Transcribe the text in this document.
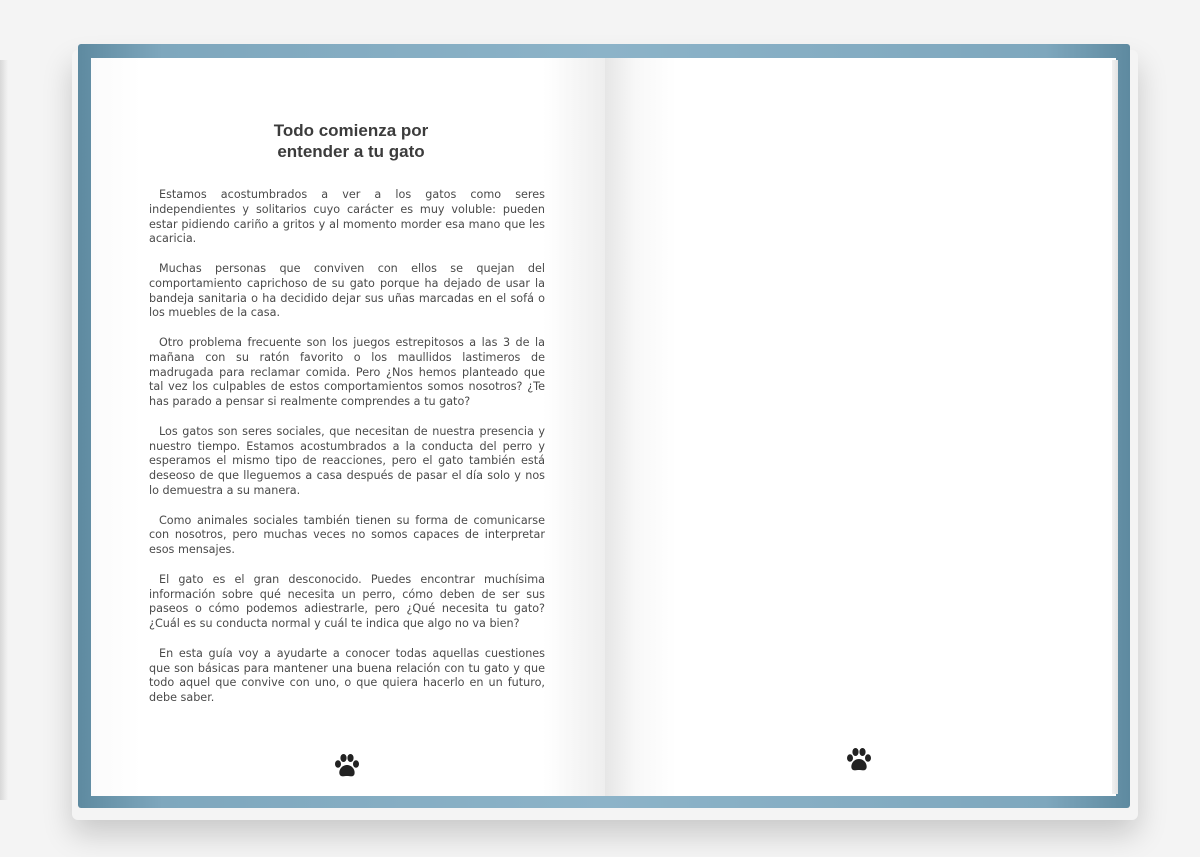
Todo comienza por
entender a tu gato

Estamos acostumbrados a ver a los gatos como seres independientes y solitarios cuyo carácter es muy voluble: pueden estar pidiendo cariño a gritos y al momento morder esa mano que les acaricia.

Muchas personas que conviven con ellos se quejan del comportamiento caprichoso de su gato porque ha dejado de usar la bandeja sanitaria o ha decidido dejar sus uñas marcadas en el sofá o los muebles de la casa.

Otro problema frecuente son los juegos estrepitosos a las 3 de la mañana con su ratón favorito o los maullidos lastimeros de madrugada para reclamar comida. Pero ¿Nos hemos planteado que tal vez los culpables de estos comportamientos somos nosotros? ¿Te has parado a pensar si realmente comprendes a tu gato?

Los gatos son seres sociales, que necesitan de nuestra presencia y nuestro tiempo. Estamos acostumbrados a la conducta del perro y esperamos el mismo tipo de reacciones, pero el gato también está deseoso de que lleguemos a casa después de pasar el día solo y nos lo demuestra a su manera.

Como animales sociales también tienen su forma de comunicarse con nosotros, pero muchas veces no somos capaces de interpretar esos mensajes.

El gato es el gran desconocido. Puedes encontrar muchísima información sobre qué necesita un perro, cómo deben de ser sus paseos o cómo podemos adiestrarle, pero ¿Qué necesita tu gato? ¿Cuál es su conducta normal y cuál te indica que algo no va bien?

En esta guía voy a ayudarte a conocer todas aquellas cuestiones que son básicas para mantener una buena relación con tu gato y que todo aquel que convive con uno, o que quiera hacerlo en un futuro, debe saber.
